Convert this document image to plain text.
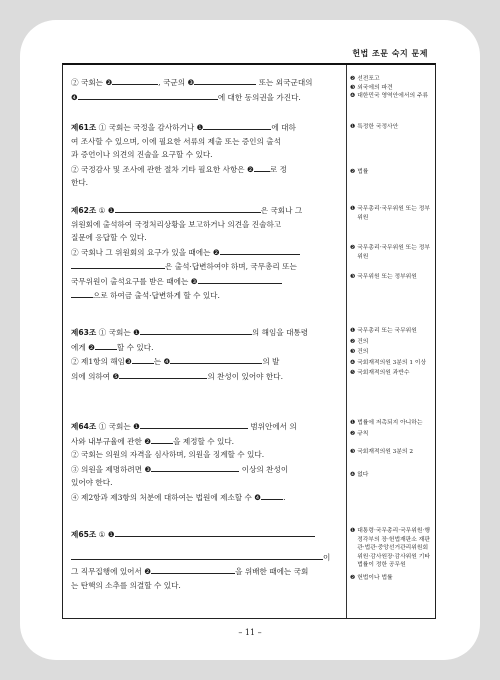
헌법 조문 숙지 문제
② 국회는 ❷	, 국군의 ❸	또는 외국군대의
❹	에 대한 동의권을 가진다.
제61조 ① 국회는 국정을 감사하거나 ❶	에 대하
여 조사할 수 있으며, 이에 필요한 서류의 제출 또는 증인의 출석
과 증언이나 의견의 진술을 요구할 수 있다.
② 국정감사 및 조사에 관한 절차 기타 필요한 사항은 ❷ 로 정
한다.
제62조 ① ❶	은 국회나 그
위원회에 출석하여 국정처리상황을 보고하거나 의견을 진술하고
질문에 응답할 수 있다.
② 국회나 그 위원회의 요구가 있을 때에는 ❷
은 출석·답변하여야 하며, 국무총리 또는
국무위원이 출석요구를 받은 때에는 ❸
으로 하여금 출석·답변하게 할 수 있다.
제63조 ① 국회는 ❶	의 해임을 대통령
에게 ❷	할 수 있다.
② 제1항의 해임❸	는 ❹	의 발
의에 의하여 ❺	의 찬성이 있어야 한다.
제64조 ① 국회는 ❶	범위안에서 의
사와 내부규율에 관한 ❷	을 제정할 수 있다.
② 국회는 의원의 자격을 심사하며, 의원을 징계할 수 있다.
③ 의원을 제명하려면 ❸	이상의 찬성이
있어야 한다.
④ 제2항과 제3항의 처분에 대하여는 법원에 제소할 수 ❹	.
제65조 ① ❶
이
그 직무집행에 있어서 ❷	을 위배한 때에는 국회
는 탄핵의 소추를 의결할 수 있다.
❷ 선전포고
❸ 외국에의 파견
❹ 대한민국 영역안에서의 주류
❶ 특정한 국정사안
❷ 법률
❶ 국무총리·국무위원 또는 정부위원
❷ 국무총리·국무위원 또는 정부위원
❸ 국무위원 또는 정부위원
❶ 국무총리 또는 국무위원
❷ 건의
❸ 건의
❹ 국회재적의원 3분의 1 이상
❺ 국회재적의원 과반수
❶ 법률에 저촉되지 아니하는
❷ 규칙
❸ 국회재적의원 3분의 2
❹ 없다
❶ 대통령·국무총리·국무위원·행정각부의 장·헌법재판소 재판관·법관·중앙선거관리위원회 위원·감사원장·감사위원 기타 법률이 정한 공무원
❷ 헌법이나 법률
– 11 –
